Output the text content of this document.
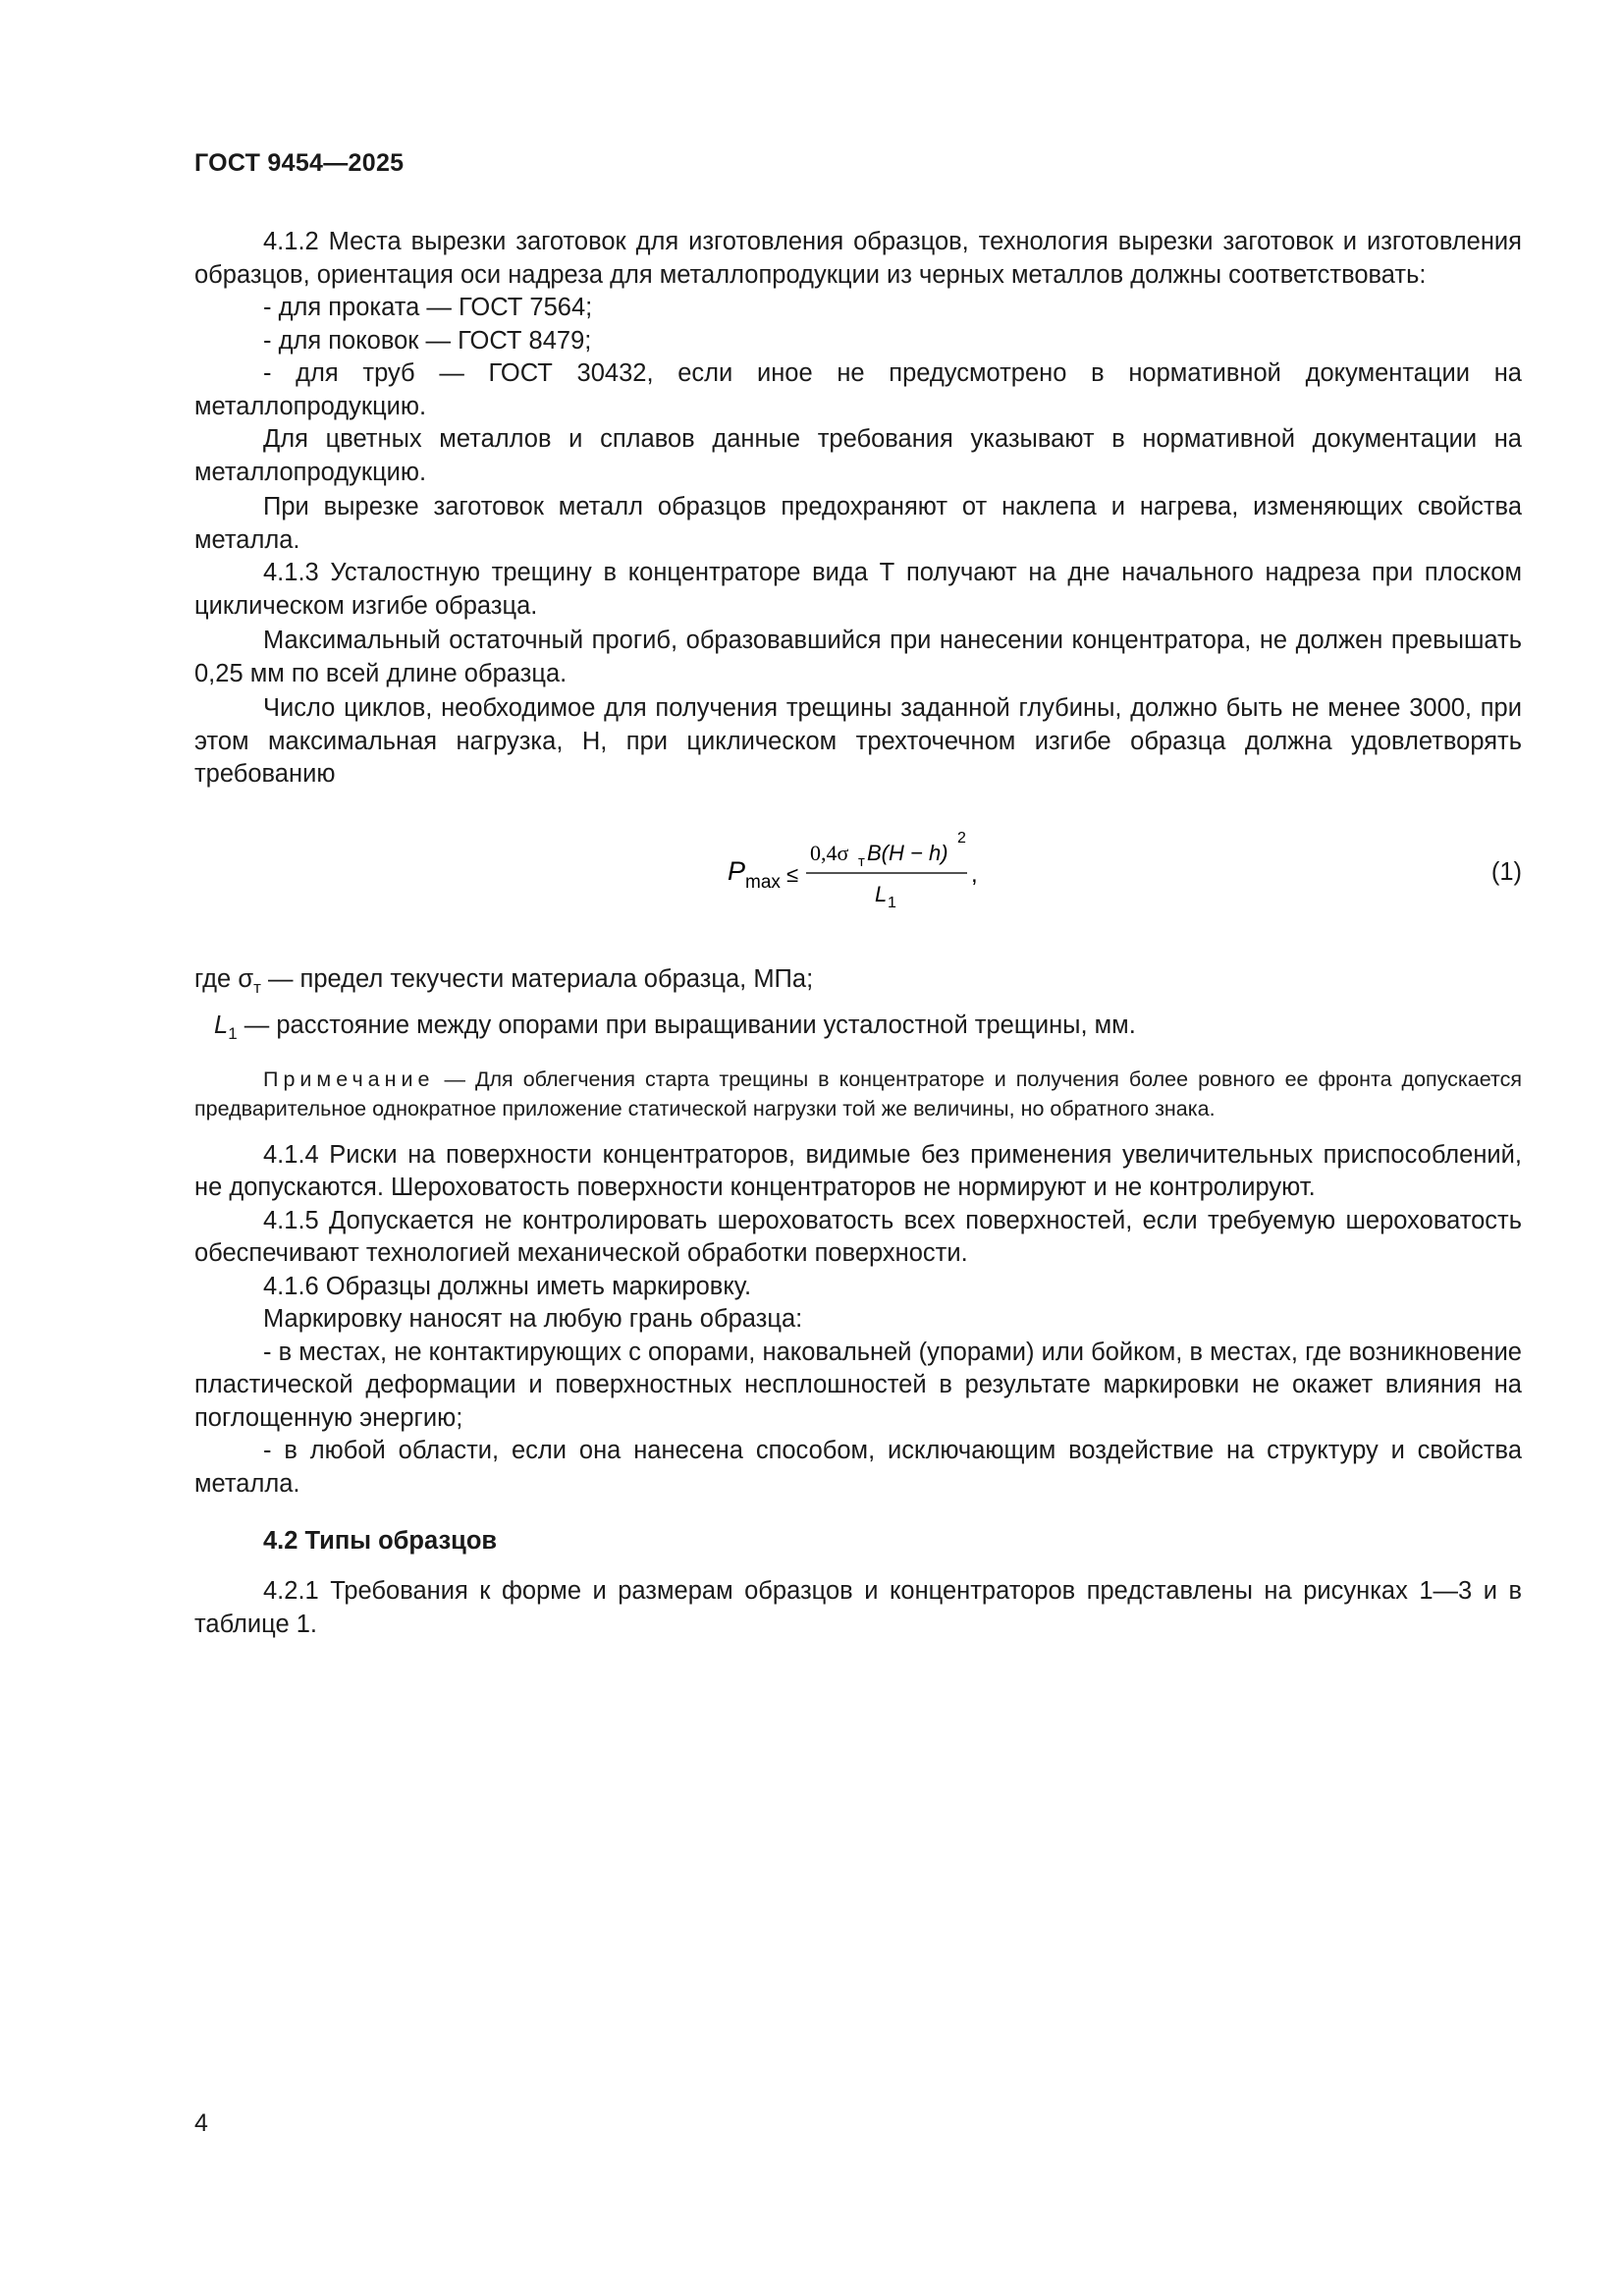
ГОСТ 9454—2025

4.1.2 Места вырезки заготовок для изготовления образцов, технология вырезки заготовок и изготовления образцов, ориентация оси надреза для металлопродукции из черных металлов должны соответствовать:

- для проката — ГОСТ 7564;

- для поковок — ГОСТ 8479;

- для труб — ГОСТ 30432, если иное не предусмотрено в нормативной документации на металлопродукцию.

Для цветных металлов и сплавов данные требования указывают в нормативной документации на металлопродукцию.

При вырезке заготовок металл образцов предохраняют от наклепа и нагрева, изменяющих свойства металла.

4.1.3 Усталостную трещину в концентраторе вида Т получают на дне начального надреза при плоском циклическом изгибе образца.

Максимальный остаточный прогиб, образовавшийся при нанесении концентратора, не должен превышать 0,25 мм по всей длине образца.

Число циклов, необходимое для получения трещины заданной глубины, должно быть не менее 3000, при этом максимальная нагрузка, Н, при циклическом трехточечном изгибе образца должна удовлетворять требованию

P max ≤
0,4σ т B(H − h)
2
L 1
,	(1)
где
$\sigma_т$
— предел текучести материала образца, МПа;
$L_1$
— расстояние между опорами при выращивании усталостной трещины, мм.
Примечание — Для облегчения старта трещины в концентраторе и получения более ровного ее фронта допускается предварительное однократное приложение статической нагрузки той же величины, но обратного знака.

4.1.4 Риски на поверхности концентраторов, видимые без применения увеличительных приспособлений, не допускаются. Шероховатость поверхности концентраторов не нормируют и не контролируют.

4.1.5 Допускается не контролировать шероховатость всех поверхностей, если требуемую шероховатость обеспечивают технологией механической обработки поверхности.

4.1.6 Образцы должны иметь маркировку.

Маркировку наносят на любую грань образца:

- в местах, не контактирующих с опорами, наковальней (упорами) или бойком, в местах, где возникновение пластической деформации и поверхностных несплошностей в результате маркировки не окажет влияния на поглощенную энергию;

- в любой области, если она нанесена способом, исключающим воздействие на структуру и свойства металла.

4.2 Типы образцов

4.2.1 Требования к форме и размерам образцов и концентраторов представлены на рисунках 1—3 и в таблице 1.

4
